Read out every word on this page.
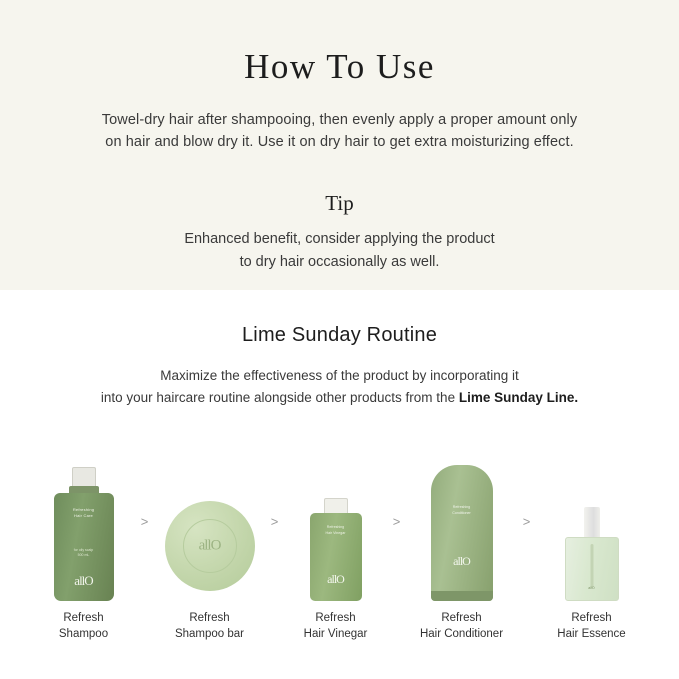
How To Use

Towel-dry hair after shampooing, then evenly apply a proper amount only
on hair and blow dry it. Use it on dry hair to get extra moisturizing effect.

Tip

Enhanced benefit, consider applying the product
to dry hair occasionally as well.

Lime Sunday Routine

Maximize the effectiveness of the product by incorporating it
into your haircare routine alongside other products from the Lime Sunday Line.

Refreshing
Hair Care
for oily scalp
500 mL
allO
Refresh
Shampoo
>
allO
Refresh
Shampoo bar
>	Refreshing
Hair Vinegar
allO
Refresh
Hair Vinegar
>
Refreshing
Conditioner
allO
Refresh
Hair Conditioner
>
allO
Refresh
Hair Essence
